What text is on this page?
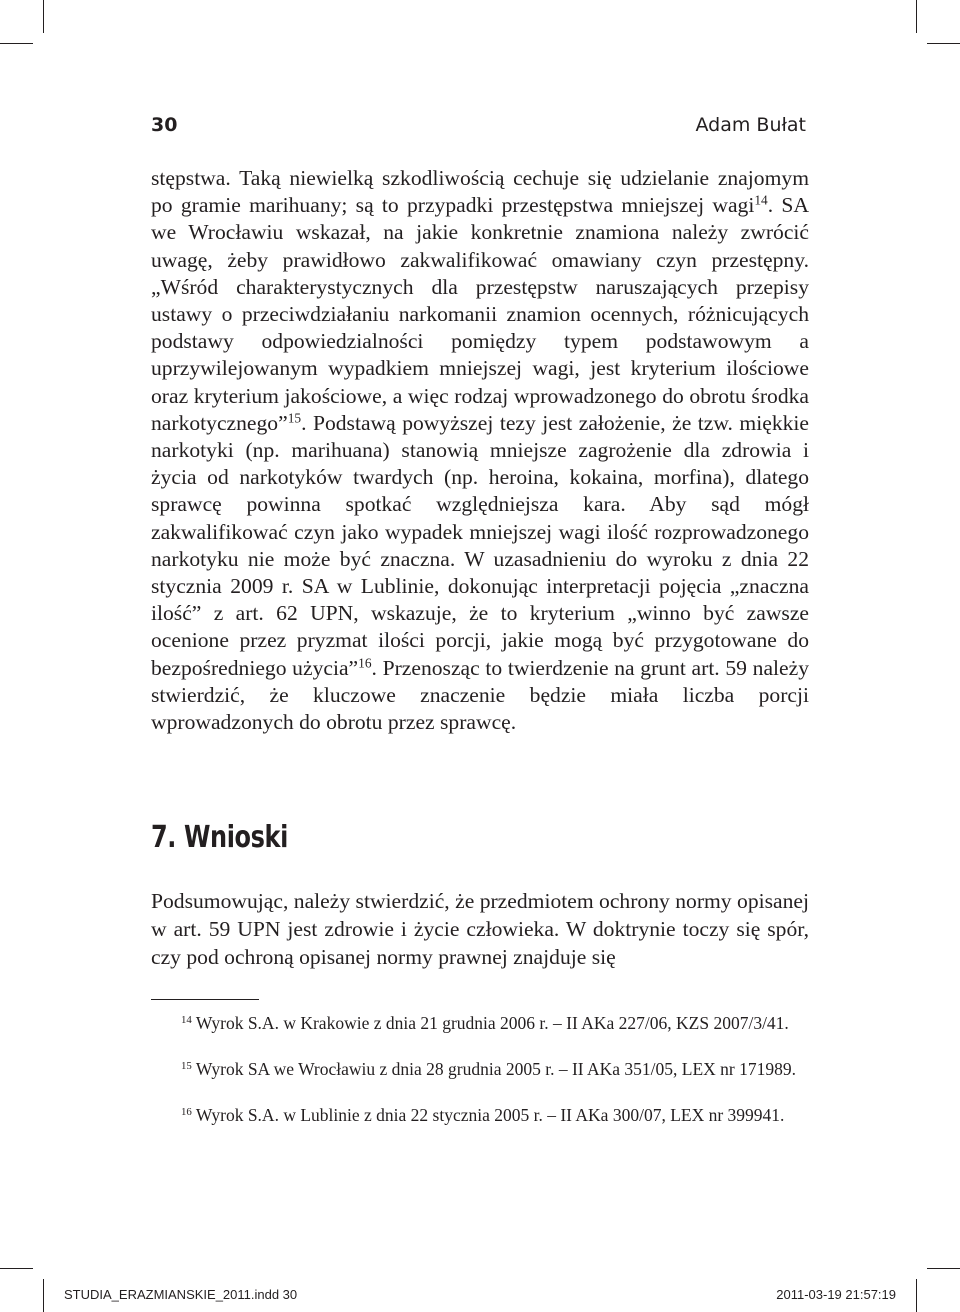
30	Adam Bułat

stępstwa. Taką niewielką szkodliwością cechuje się udzielanie znajomym po gramie marihuany; są to przypadki przestępstwa mniejszej wagi$^{14}$. SA we Wrocławiu wskazał, na jakie konkretnie znamiona należy zwrócić uwagę, żeby prawidłowo zakwalifikować omawiany czyn przestępny. „Wśród charakterystycznych dla przestępstw naruszających przepisy ustawy o przeciwdziałaniu narkomanii znamion ocennych, różnicujących podstawy odpowiedzialności pomiędzy typem podstawowym a uprzywilejowanym wypadkiem mniejszej wagi, jest kryterium ilościowe oraz kryterium jakościowe, a więc rodzaj wprowadzonego do obrotu środka narkotycznego”$^{15}$. Podstawą powyższej tezy jest założenie, że tzw. miękkie narkotyki (np. marihuana) stanowią mniejsze zagrożenie dla zdrowia i życia od narkotyków twardych (np. heroina, kokaina, morfina), dlatego sprawcę powinna spotkać względniejsza kara. Aby sąd mógł zakwalifikować czyn jako wypadek mniejszej wagi ilość rozprowadzonego narkotyku nie może być znaczna. W uzasadnieniu do wyroku z dnia 22 stycznia 2009 r. SA w Lublinie, dokonując interpretacji pojęcia „znaczna ilość” z art. 62 UPN, wskazuje, że to kryterium „winno być zawsze ocenione przez pryzmat ilości porcji, jakie mogą być przygotowane do bezpośredniego użycia”$^{16}$. Przenosząc to twierdzenie na grunt art. 59 należy stwierdzić, że kluczowe znaczenie będzie miała liczba porcji wprowadzonych do obrotu przez sprawcę.

7. Wnioski

Podsumowując, należy stwierdzić, że przedmiotem ochrony normy opisanej w art. 59 UPN jest zdrowie i życie człowieka. W doktrynie toczy się spór, czy pod ochroną opisanej normy prawnej znajduje się

$^{14}$ Wyrok S.A. w Krakowie z dnia 21 grudnia 2006 r. – II AKa 227/06, KZS 2007/3/41.

$^{15}$ Wyrok SA we Wrocławiu z dnia 28 grudnia 2005 r. – II AKa 351/05, LEX nr 171989.

$^{16}$ Wyrok S.A. w Lublinie z dnia 22 stycznia 2005 r. – II AKa 300/07, LEX nr 399941.

STUDIA_ERAZMIANSKIE_2011.indd 30	2011-03-19 21:57:19
